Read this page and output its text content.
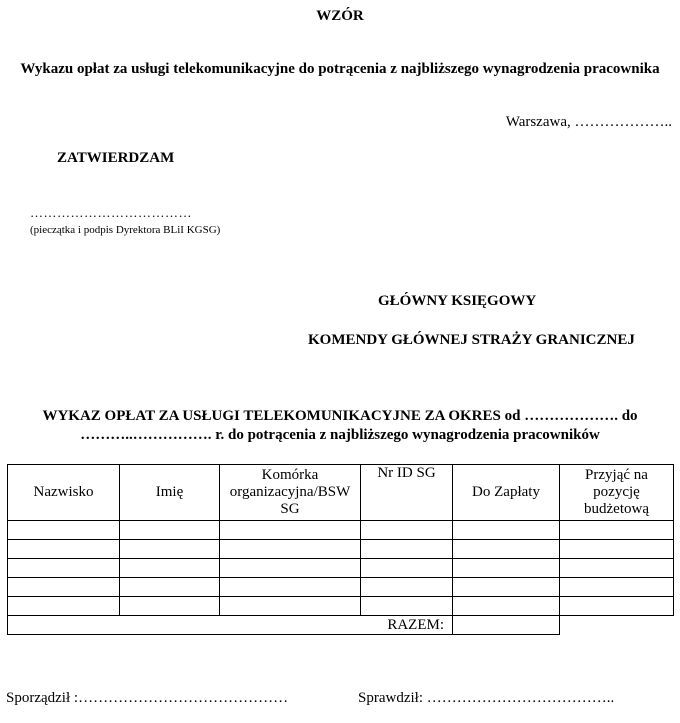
WZÓR
Wykazu opłat za usługi telekomunikacyjne do potrącenia z najbliższego wynagrodzenia pracownika
Warszawa, ………………..
ZATWIERDZAM
………………………………
(pieczątka i podpis Dyrektora BLiI KGSG)
GŁÓWNY KSIĘGOWY
KOMENDY GŁÓWNEJ STRAŻY GRANICZNEJ
WYKAZ OPŁAT ZA USŁUGI TELEKOMUNIKACYJNE ZA OKRES od ………………. do
………..……………. r. do potrącenia z najbliższego wynagrodzenia pracowników
Nazwisko	Imię	Komórka organizacyjna/BSW SG	Nr ID SG	Do Zapłaty	Przyjąć na pozycję budżetową

RAZEM:					
Sporządził :……………………………………	Sprawdził: ………………………………..
